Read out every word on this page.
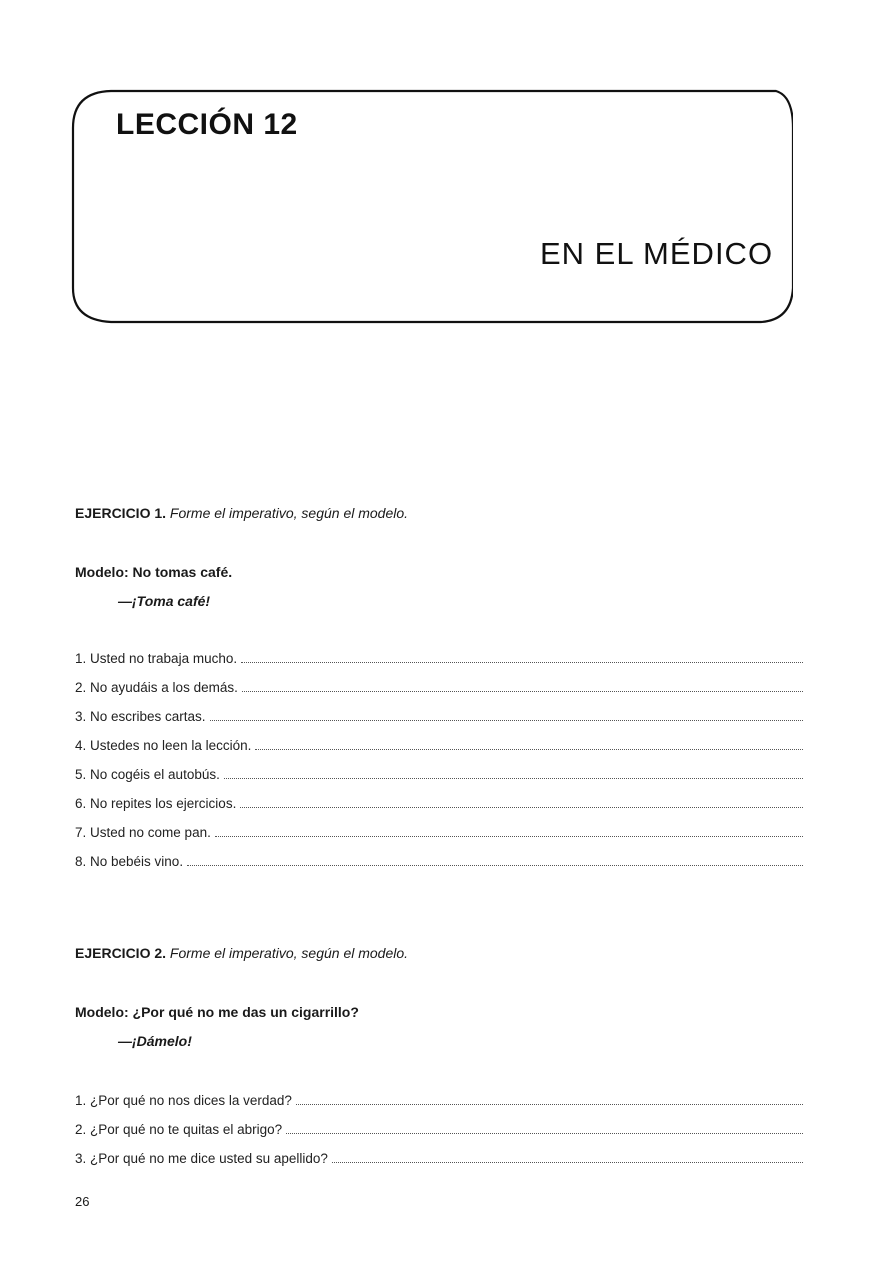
LECCIÓN 12
EN EL MÉDICO
EJERCICIO 1. Forme el imperativo, según el modelo.
Modelo: No tomas café.
—¡Toma café!
1. Usted no trabaja mucho.
2. No ayudáis a los demás.
3. No escribes cartas.
4. Ustedes no leen la lección.
5. No cogéis el autobús.
6. No repites los ejercicios.
7. Usted no come pan.
8. No bebéis vino.
EJERCICIO 2. Forme el imperativo, según el modelo.
Modelo: ¿Por qué no me das un cigarrillo?
—¡Dámelo!
1. ¿Por qué no nos dices la verdad?
2. ¿Por qué no te quitas el abrigo?
3. ¿Por qué no me dice usted su apellido?
26
